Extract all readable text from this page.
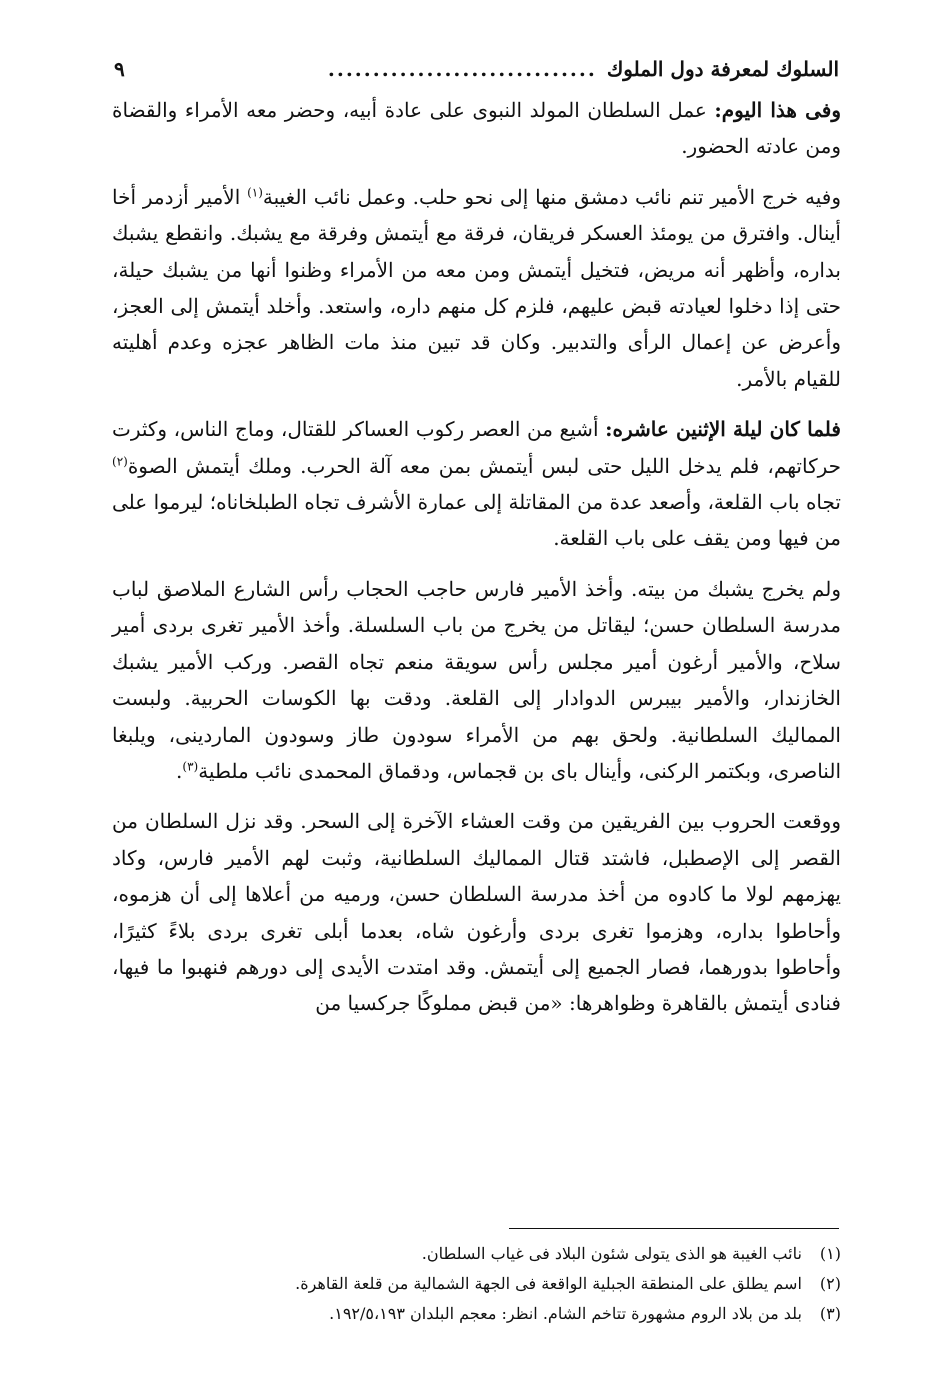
السلوك لمعرفة دول الملوك
..............................
٩

وفى هذا اليوم: عمل السلطان المولد النبوى على عادة أبيه، وحضر معه الأمراء والقضاة ومن عادته الحضور.

وفيه خرج الأمير تنم نائب دمشق منها إلى نحو حلب. وعمل نائب الغيبة$^{(١)}$ الأمير أزدمر أخا أينال. وافترق من يومئذ العسكر فريقان، فرقة مع أيتمش وفرقة مع يشبك. وانقطع يشبك بداره، وأظهر أنه مريض، فتخيل أيتمش ومن معه من الأمراء وظنوا أنها من يشبك حيلة، حتى إذا دخلوا لعيادته قبض عليهم، فلزم كل منهم داره، واستعد. وأخلد أيتمش إلى العجز، وأعرض عن إعمال الرأى والتدبير. وكان قد تبين منذ مات الظاهر عجزه وعدم أهليته للقيام بالأمر.

فلما كان ليلة الإثنين عاشره: أشيع من العصر ركوب العساكر للقتال، وماج الناس، وكثرت حركاتهم، فلم يدخل الليل حتى لبس أيتمش بمن معه آلة الحرب. وملك أيتمش الصوة$^{(٢)}$ تجاه باب القلعة، وأصعد عدة من المقاتلة إلى عمارة الأشرف تجاه الطبلخاناه؛ ليرموا على من فيها ومن يقف على باب القلعة.

ولم يخرج يشبك من بيته. وأخذ الأمير فارس حاجب الحجاب رأس الشارع الملاصق لباب مدرسة السلطان حسن؛ ليقاتل من يخرج من باب السلسلة. وأخذ الأمير تغرى بردى أمير سلاح، والأمير أرغون أمير مجلس رأس سويقة منعم تجاه القصر. وركب الأمير يشبك الخازندار، والأمير بيبرس الدوادار إلى القلعة. ودقت بها الكوسات الحربية. ولبست المماليك السلطانية. ولحق بهم من الأمراء سودون طاز وسودون الماردينى، ويلبغا الناصرى، وبكتمر الركنى، وأينال باى بن قجماس، ودقماق المحمدى نائب ملطية$^{(٣)}$.

ووقعت الحروب بين الفريقين من وقت العشاء الآخرة إلى السحر. وقد نزل السلطان من القصر إلى الإصطبل، فاشتد قتال المماليك السلطانية، وثبت لهم الأمير فارس، وكاد يهزمهم لولا ما كادوه من أخذ مدرسة السلطان حسن، ورميه من أعلاها إلى أن هزموه، وأحاطوا بداره، وهزموا تغرى بردى وأرغون شاه، بعدما أبلى تغرى بردى بلاءً كثيرًا، وأحاطوا بدورهما، فصار الجميع إلى أيتمش. وقد امتدت الأيدى إلى دورهم فنهبوا ما فيها، فنادى أيتمش بالقاهرة وظواهرها: «من قبض مملوكًا جركسيا من

(١) نائب الغيبة هو الذى يتولى شئون البلاد فى غياب السلطان.
(٢) اسم يطلق على المنطقة الجبلية الواقعة فى الجهة الشمالية من قلعة القاهرة.
(٣) بلد من بلاد الروم مشهورة تتاخم الشام. انظر: معجم البلدان ١٩٢/٥،١٩٣.
